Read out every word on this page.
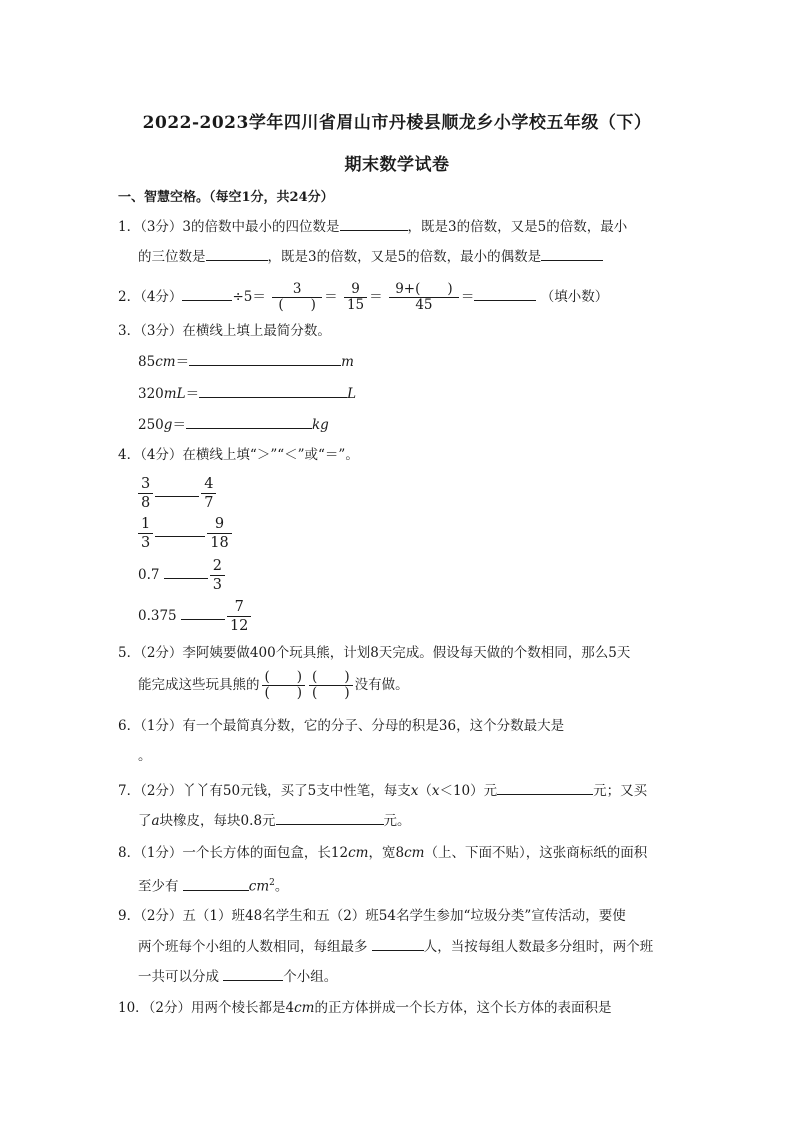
2022-2023学年四川省眉山市丹棱县顺龙乡小学校五年级（下）
期末数学试卷
一、智慧空格。（每空1分，共24分）
1．（3分）3的倍数中最小的四位数是	，既是3的倍数，又是5的倍数，最小
的三位数是	，既是3的倍数，又是5的倍数，最小的偶数是
2．（4分）	$\div 5= \frac{3}{( )} = \frac{9}{15} = \frac{9+( )}{45}$ ＝	（填小数）
3．（3分）在横线上填上最简分数。
85cm＝	m
320mL＝	L
250g＝	kg
4．（4分）在横线上填“＞”“＜”或“＝”。
$\frac{3}{8}$	$\frac{4}{7}$
$\frac{1}{3}$	$\frac{9}{18}$
0.7	$\frac{2}{3}$
0.375	$\frac{7}{12}$
5．（2分）李阿姨要做400个玩具熊，计划8天完成。假设每天做的个数相同，那么5天
能完成这些玩具熊的 $\frac{( )}{( )} \frac{( )}{( )}$ 没有做。
6．（1分）有一个最简真分数，它的分子、分母的积是36，这个分数最大是
。
7．（2分）丫丫有50元钱，买了5支中性笔，每支x（x＜10）元	元；又买
了a块橡皮，每块0.8元	元。
8．（1分）一个长方体的面包盒，长12cm，宽8cm（上、下面不贴），这张商标纸的面积
至少有	$cm^2$。
9．（2分）五（1）班48名学生和五（2）班54名学生参加“垃圾分类”宣传活动，要使
两个班每个小组的人数相同，每组最多	人，当按每组人数最多分组时，两个班
一共可以分成	个小组。
10．（2分）用两个棱长都是4cm的正方体拼成一个长方体，这个长方体的表面积是
